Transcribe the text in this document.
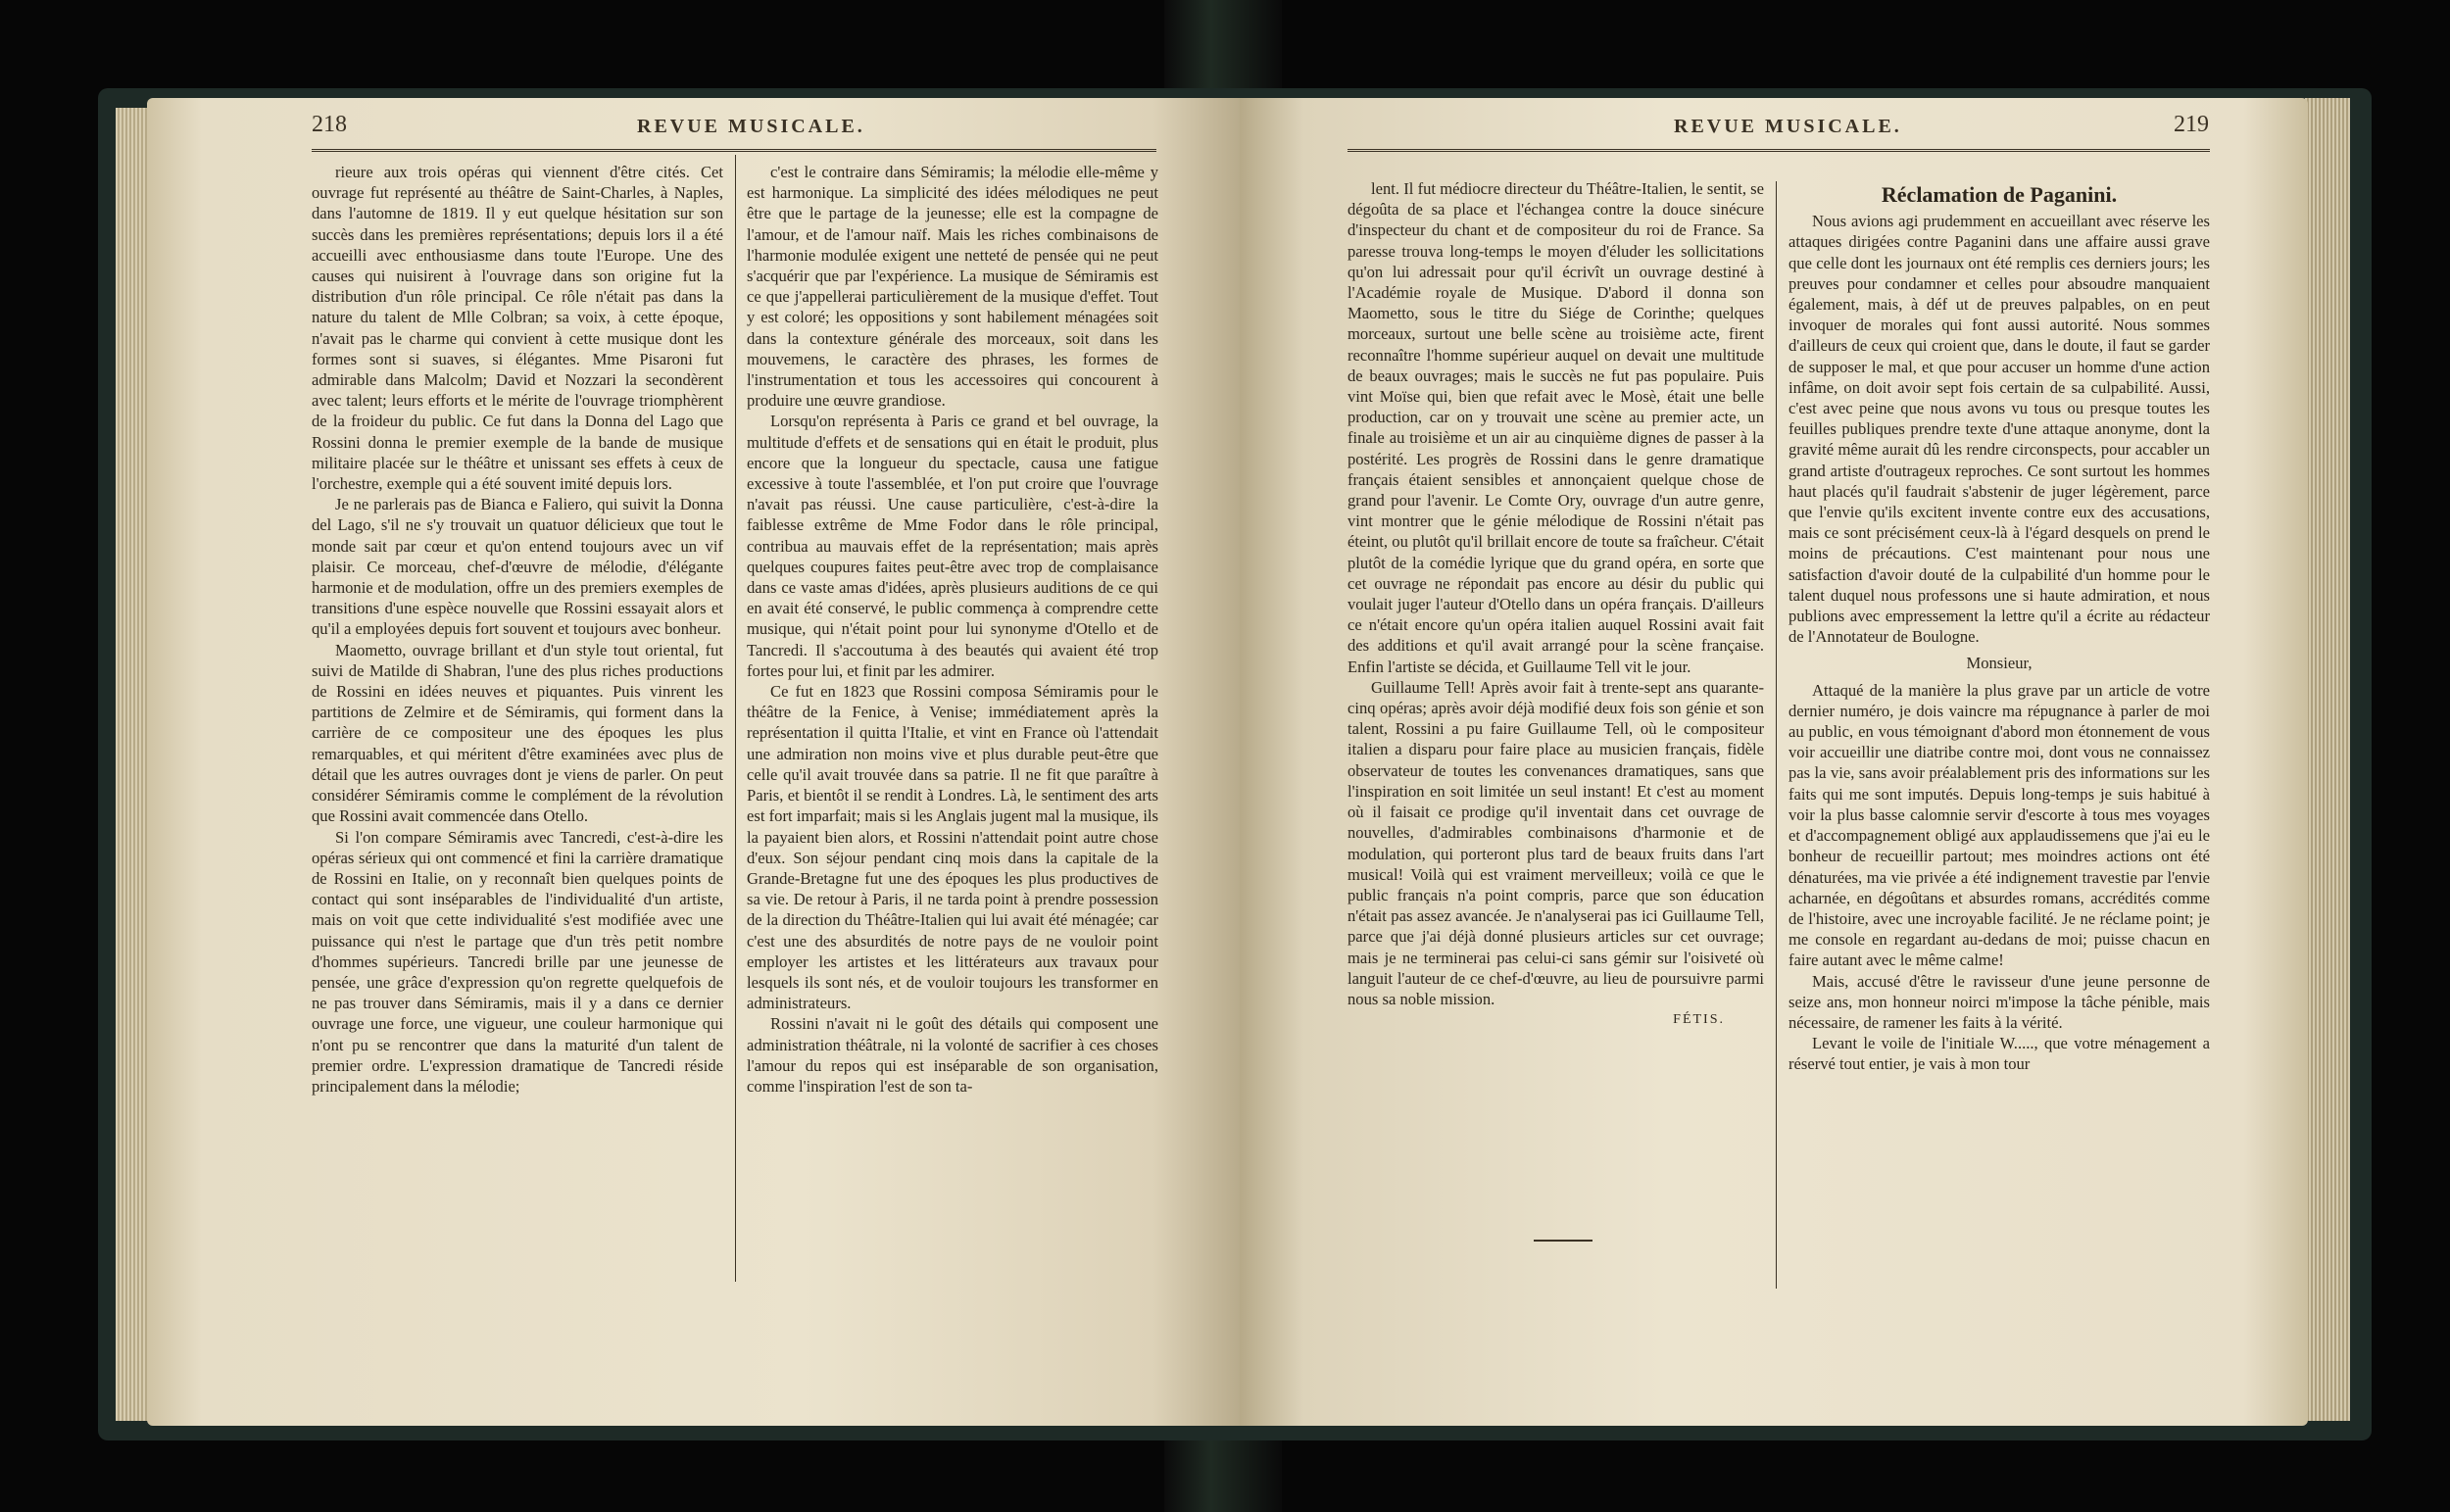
218	REVUE MUSICALE.

rieure aux trois opéras qui viennent d'être cités. Cet ouvrage fut représenté au théâtre de Saint-Charles, à Naples, dans l'automne de 1819. Il y eut quelque hésitation sur son succès dans les premières représentations; depuis lors il a été accueilli avec enthousiasme dans toute l'Europe. Une des causes qui nuisirent à l'ouvrage dans son origine fut la distribution d'un rôle principal. Ce rôle n'était pas dans la nature du talent de Mlle Colbran; sa voix, à cette époque, n'avait pas le charme qui convient à cette musique dont les formes sont si suaves, si élégantes. Mme Pisaroni fut admirable dans Malcolm; David et Nozzari la secondèrent avec talent; leurs efforts et le mérite de l'ouvrage triomphèrent de la froideur du public. Ce fut dans la Donna del Lago que Rossini donna le premier exemple de la bande de musique militaire placée sur le théâtre et unissant ses effets à ceux de l'orchestre, exemple qui a été souvent imité depuis lors.

Je ne parlerais pas de Bianca e Faliero, qui suivit la Donna del Lago, s'il ne s'y trouvait un quatuor délicieux que tout le monde sait par cœur et qu'on entend toujours avec un vif plaisir. Ce morceau, chef-d'œuvre de mélodie, d'élégante harmonie et de modulation, offre un des premiers exemples de transitions d'une espèce nouvelle que Rossini essayait alors et qu'il a employées depuis fort souvent et toujours avec bonheur.

Maometto, ouvrage brillant et d'un style tout oriental, fut suivi de Matilde di Shabran, l'une des plus riches productions de Rossini en idées neuves et piquantes. Puis vinrent les partitions de Zelmire et de Sémiramis, qui forment dans la carrière de ce compositeur une des époques les plus remarquables, et qui méritent d'être examinées avec plus de détail que les autres ouvrages dont je viens de parler. On peut considérer Sémiramis comme le complément de la révolution que Rossini avait commencée dans Otello.

Si l'on compare Sémiramis avec Tancredi, c'est-à-dire les opéras sérieux qui ont commencé et fini la carrière dramatique de Rossini en Italie, on y reconnaît bien quelques points de contact qui sont inséparables de l'individualité d'un artiste, mais on voit que cette individualité s'est modifiée avec une puissance qui n'est le partage que d'un très petit nombre d'hommes supérieurs. Tancredi brille par une jeunesse de pensée, une grâce d'expression qu'on regrette quelquefois de ne pas trouver dans Sémiramis, mais il y a dans ce dernier ouvrage une force, une vigueur, une couleur harmonique qui n'ont pu se rencontrer que dans la maturité d'un talent de premier ordre. L'expression dramatique de Tancredi réside principalement dans la mélodie;

c'est le contraire dans Sémiramis; la mélodie elle-même y est harmonique. La simplicité des idées mélodiques ne peut être que le partage de la jeunesse; elle est la compagne de l'amour, et de l'amour naïf. Mais les riches combinaisons de l'harmonie modulée exigent une netteté de pensée qui ne peut s'acquérir que par l'expérience. La musique de Sémiramis est ce que j'appellerai particulièrement de la musique d'effet. Tout y est coloré; les oppositions y sont habilement ménagées soit dans la contexture générale des morceaux, soit dans les mouvemens, le caractère des phrases, les formes de l'instrumentation et tous les accessoires qui concourent à produire une œuvre grandiose.

Lorsqu'on représenta à Paris ce grand et bel ouvrage, la multitude d'effets et de sensations qui en était le produit, plus encore que la longueur du spectacle, causa une fatigue excessive à toute l'assemblée, et l'on put croire que l'ouvrage n'avait pas réussi. Une cause particulière, c'est-à-dire la faiblesse extrême de Mme Fodor dans le rôle principal, contribua au mauvais effet de la représentation; mais après quelques coupures faites peut-être avec trop de complaisance dans ce vaste amas d'idées, après plusieurs auditions de ce qui en avait été conservé, le public commença à comprendre cette musique, qui n'était point pour lui synonyme d'Otello et de Tancredi. Il s'accoutuma à des beautés qui avaient été trop fortes pour lui, et finit par les admirer.

Ce fut en 1823 que Rossini composa Sémiramis pour le théâtre de la Fenice, à Venise; immédiatement après la représentation il quitta l'Italie, et vint en France où l'attendait une admiration non moins vive et plus durable peut-être que celle qu'il avait trouvée dans sa patrie. Il ne fit que paraître à Paris, et bientôt il se rendit à Londres. Là, le sentiment des arts est fort imparfait; mais si les Anglais jugent mal la musique, ils la payaient bien alors, et Rossini n'attendait point autre chose d'eux. Son séjour pendant cinq mois dans la capitale de la Grande-Bretagne fut une des époques les plus productives de sa vie. De retour à Paris, il ne tarda point à prendre possession de la direction du Théâtre-Italien qui lui avait été ménagée; car c'est une des absurdités de notre pays de ne vouloir point employer les artistes et les littérateurs aux travaux pour lesquels ils sont nés, et de vouloir toujours les transformer en administrateurs.

Rossini n'avait ni le goût des détails qui composent une administration théâtrale, ni la volonté de sacrifier à ces choses l'amour du repos qui est inséparable de son organisation, comme l'inspiration l'est de son ta-

REVUE MUSICALE.	219

lent. Il fut médiocre directeur du Théâtre-Italien, le sentit, se dégoûta de sa place et l'échangea contre la douce sinécure d'inspecteur du chant et de compositeur du roi de France. Sa paresse trouva long-temps le moyen d'éluder les sollicitations qu'on lui adressait pour qu'il écrivît un ouvrage destiné à l'Académie royale de Musique. D'abord il donna son Maometto, sous le titre du Siége de Corinthe; quelques morceaux, surtout une belle scène au troisième acte, firent reconnaître l'homme supérieur auquel on devait une multitude de beaux ouvrages; mais le succès ne fut pas populaire. Puis vint Moïse qui, bien que refait avec le Mosè, était une belle production, car on y trouvait une scène au premier acte, un finale au troisième et un air au cinquième dignes de passer à la postérité. Les progrès de Rossini dans le genre dramatique français étaient sensibles et annonçaient quelque chose de grand pour l'avenir. Le Comte Ory, ouvrage d'un autre genre, vint montrer que le génie mélodique de Rossini n'était pas éteint, ou plutôt qu'il brillait encore de toute sa fraîcheur. C'était plutôt de la comédie lyrique que du grand opéra, en sorte que cet ouvrage ne répondait pas encore au désir du public qui voulait juger l'auteur d'Otello dans un opéra français. D'ailleurs ce n'était encore qu'un opéra italien auquel Rossini avait fait des additions et qu'il avait arrangé pour la scène française. Enfin l'artiste se décida, et Guillaume Tell vit le jour.

Guillaume Tell! Après avoir fait à trente-sept ans quarante-cinq opéras; après avoir déjà modifié deux fois son génie et son talent, Rossini a pu faire Guillaume Tell, où le compositeur italien a disparu pour faire place au musicien français, fidèle observateur de toutes les convenances dramatiques, sans que l'inspiration en soit limitée un seul instant! Et c'est au moment où il faisait ce prodige qu'il inventait dans cet ouvrage de nouvelles, d'admirables combinaisons d'harmonie et de modulation, qui porteront plus tard de beaux fruits dans l'art musical! Voilà qui est vraiment merveilleux; voilà ce que le public français n'a point compris, parce que son éducation n'était pas assez avancée. Je n'analyserai pas ici Guillaume Tell, parce que j'ai déjà donné plusieurs articles sur cet ouvrage; mais je ne terminerai pas celui-ci sans gémir sur l'oisiveté où languit l'auteur de ce chef-d'œuvre, au lieu de poursuivre parmi nous sa noble mission.

FÉTIS.

Réclamation de Paganini.

Nous avions agi prudemment en accueillant avec réserve les attaques dirigées contre Paganini dans une affaire aussi grave que celle dont les journaux ont été remplis ces derniers jours; les preuves pour condamner et celles pour absoudre manquaient également, mais, à déf ut de preuves palpables, on en peut invoquer de morales qui font aussi autorité. Nous sommes d'ailleurs de ceux qui croient que, dans le doute, il faut se garder de supposer le mal, et que pour accuser un homme d'une action infâme, on doit avoir sept fois certain de sa culpabilité. Aussi, c'est avec peine que nous avons vu tous ou presque toutes les feuilles publiques prendre texte d'une attaque anonyme, dont la gravité même aurait dû les rendre circonspects, pour accabler un grand artiste d'outrageux reproches. Ce sont surtout les hommes haut placés qu'il faudrait s'abstenir de juger légèrement, parce que l'envie qu'ils excitent invente contre eux des accusations, mais ce sont précisément ceux-là à l'égard desquels on prend le moins de précautions. C'est maintenant pour nous une satisfaction d'avoir douté de la culpabilité d'un homme pour le talent duquel nous professons une si haute admiration, et nous publions avec empressement la lettre qu'il a écrite au rédacteur de l'Annotateur de Boulogne.

Monsieur,

Attaqué de la manière la plus grave par un article de votre dernier numéro, je dois vaincre ma répugnance à parler de moi au public, en vous témoignant d'abord mon étonnement de vous voir accueillir une diatribe contre moi, dont vous ne connaissez pas la vie, sans avoir préalablement pris des informations sur les faits qui me sont imputés. Depuis long-temps je suis habitué à voir la plus basse calomnie servir d'escorte à tous mes voyages et d'accompagnement obligé aux applaudissemens que j'ai eu le bonheur de recueillir partout; mes moindres actions ont été dénaturées, ma vie privée a été indignement travestie par l'envie acharnée, en dégoûtans et absurdes romans, accrédités comme de l'histoire, avec une incroyable facilité. Je ne réclame point; je me console en regardant au-dedans de moi; puisse chacun en faire autant avec le même calme!

Mais, accusé d'être le ravisseur d'une jeune personne de seize ans, mon honneur noirci m'impose la tâche pénible, mais nécessaire, de ramener les faits à la vérité.

Levant le voile de l'initiale W....., que votre ménagement a réservé tout entier, je vais à mon tour
